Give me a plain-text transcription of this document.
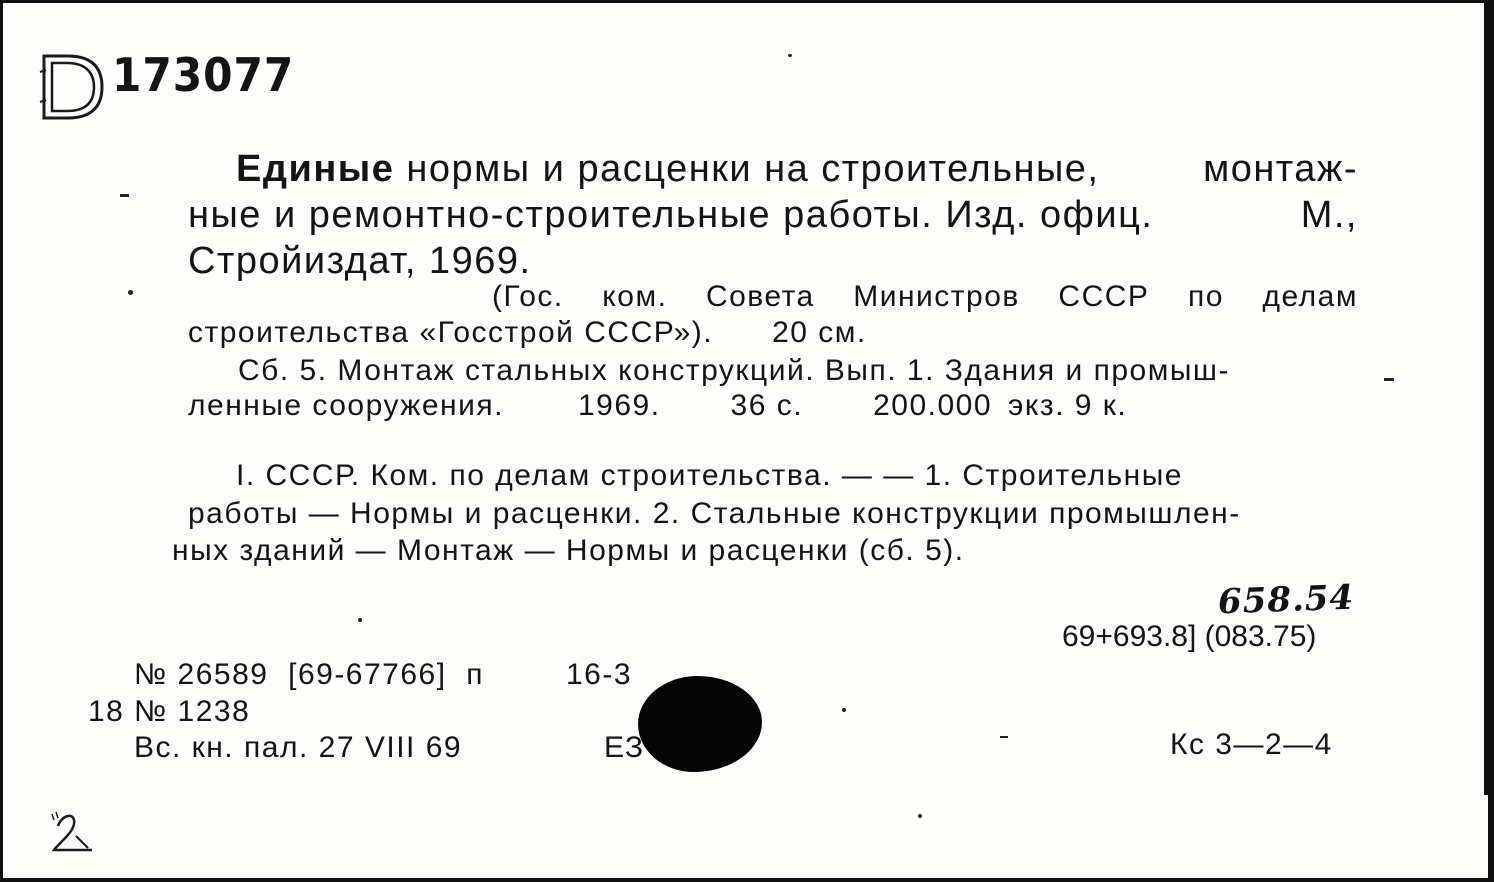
173077
Единые нормы и расценки на строительные,	монтаж-
ные и ремонтно-строительные работы. Изд. офиц.	М.,
Стройиздат, 1969.
(Гос. ком. Совета Министров СССР по делам
строительства «Госстрой СССР»).      20 см.
Сб. 5. Монтаж стальных конструкций. Вып. 1. Здания и промыш-
ленные сооружения. 1969. 36 с. 200.000 экз. 9 к.
I. СССР. Ком. по делам строительства. — — 1. Строительные
работы — Нормы и расценки. 2. Стальные конструкции промышлен-
ных зданий — Монтаж — Нормы и расценки (сб. 5).
658.54
69+693.8] (083.75)
№ 26589  [69-67766]  п	16-3
18 № 1238
Вс. кн. пал. 27 VIII 69	ЕЗ	Кс 3—2—4
